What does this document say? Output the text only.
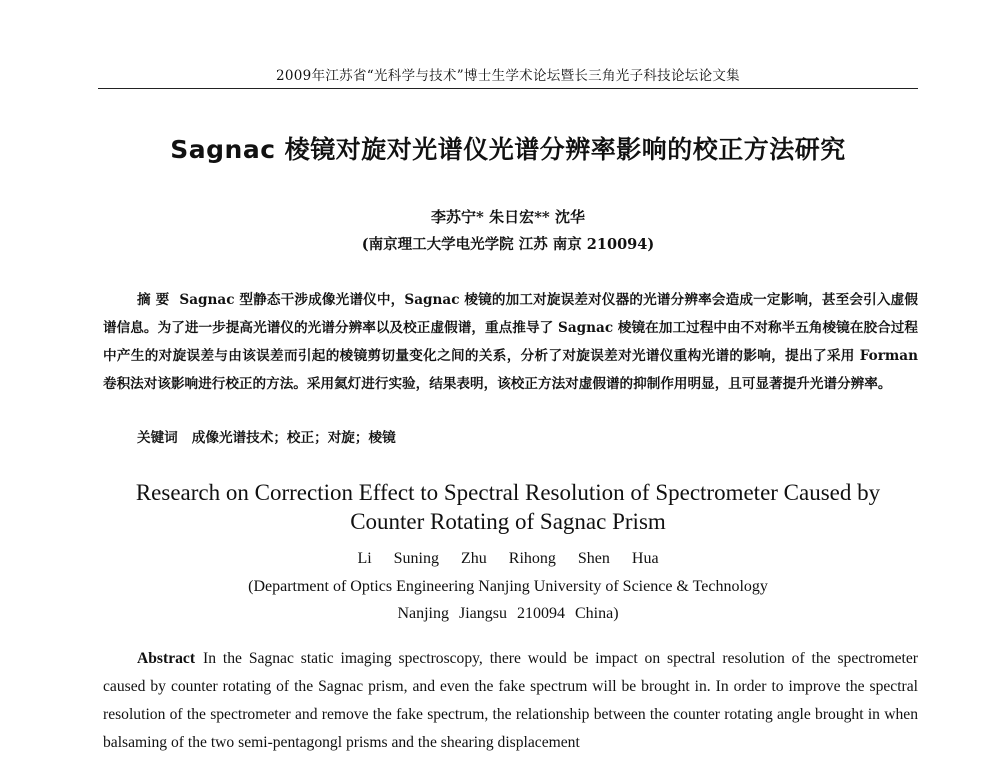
2009年江苏省“光科学与技术”博士生学术论坛暨长三角光子科技论坛论文集
Sagnac 棱镜对旋对光谱仪光谱分辨率影响的校正方法研究
李苏宁* 朱日宏** 沈华
(南京理工大学电光学院 江苏 南京 210094)

摘 要 Sagnac 型静态干涉成像光谱仪中，Sagnac 棱镜的加工对旋误差对仪器的光谱分辨率会造成一定影响，甚至会引入虚假谱信息。为了进一步提高光谱仪的光谱分辨率以及校正虚假谱，重点推导了 Sagnac 棱镜在加工过程中由不对称半五角棱镜在胶合过程中产生的对旋误差与由该误差而引起的棱镜剪切量变化之间的关系，分析了对旋误差对光谱仪重构光谱的影响，提出了采用 Forman 卷积法对该影响进行校正的方法。采用氦灯进行实验，结果表明，该校正方法对虚假谱的抑制作用明显，且可显著提升光谱分辨率。

关键词 成像光谱技术；校正；对旋；棱镜

Research on Correction Effect to Spectral Resolution of Spectrometer Caused by Counter Rotating of Sagnac Prism

Li Suning Zhu Rihong Shen Hua
(Department of Optics Engineering Nanjing University of Science & Technology
Nanjing Jiangsu 210094 China)

Abstract In the Sagnac static imaging spectroscopy, there would be impact on spectral resolution of the spectrometer caused by counter rotating of the Sagnac prism, and even the fake spectrum will be brought in. In order to improve the spectral resolution of the spectrometer and remove the fake spectrum, the relationship between the counter rotating angle brought in when balsaming of the two semi-pentagongl prisms and the shearing displacement
